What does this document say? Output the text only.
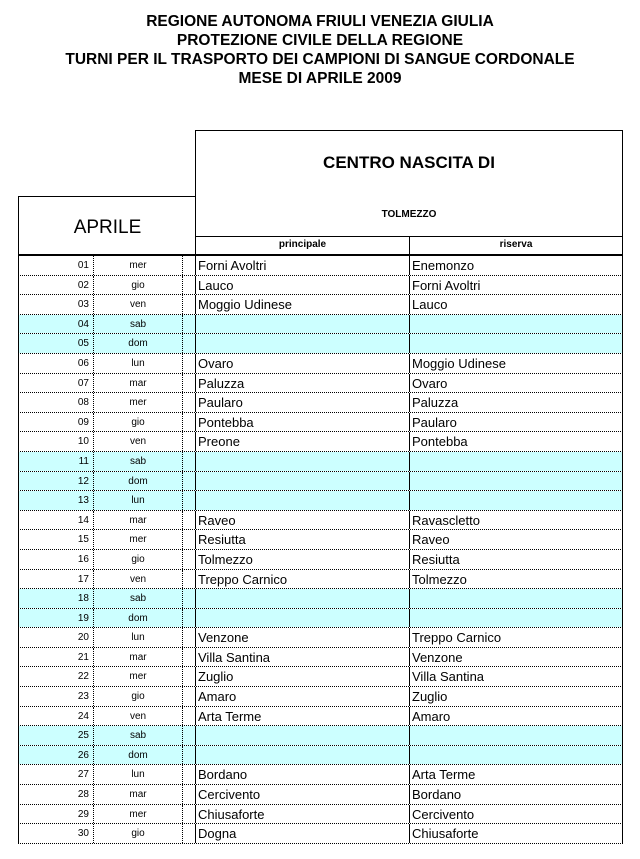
REGIONE AUTONOMA FRIULI VENEZIA GIULIA
PROTEZIONE CIVILE DELLA REGIONE
TURNI PER IL TRASPORTO DEI CAMPIONI DI SANGUE CORDONALE
MESE DI APRILE 2009
CENTRO NASCITA DI
TOLMEZZO
APRILE
principale	riserva
01	mer	Forni Avoltri	Enemonzo
02	gio	Lauco	Forni Avoltri
03	ven	Moggio Udinese	Lauco
04	sab
05	dom
06	lun	Ovaro	Moggio Udinese
07	mar	Paluzza	Ovaro
08	mer	Paularo	Paluzza
09	gio	Pontebba	Paularo
10	ven	Preone	Pontebba
11	sab
12	dom
13	lun
14	mar	Raveo	Ravascletto
15	mer	Resiutta	Raveo
16	gio	Tolmezzo	Resiutta
17	ven	Treppo Carnico	Tolmezzo
18	sab
19	dom
20	lun	Venzone	Treppo Carnico
21	mar	Villa Santina	Venzone
22	mer	Zuglio	Villa Santina
23	gio	Amaro	Zuglio
24	ven	Arta Terme	Amaro
25	sab
26	dom
27	lun	Bordano	Arta Terme
28	mar	Cercivento	Bordano
29	mer	Chiusaforte	Cercivento
30	gio	Dogna	Chiusaforte
